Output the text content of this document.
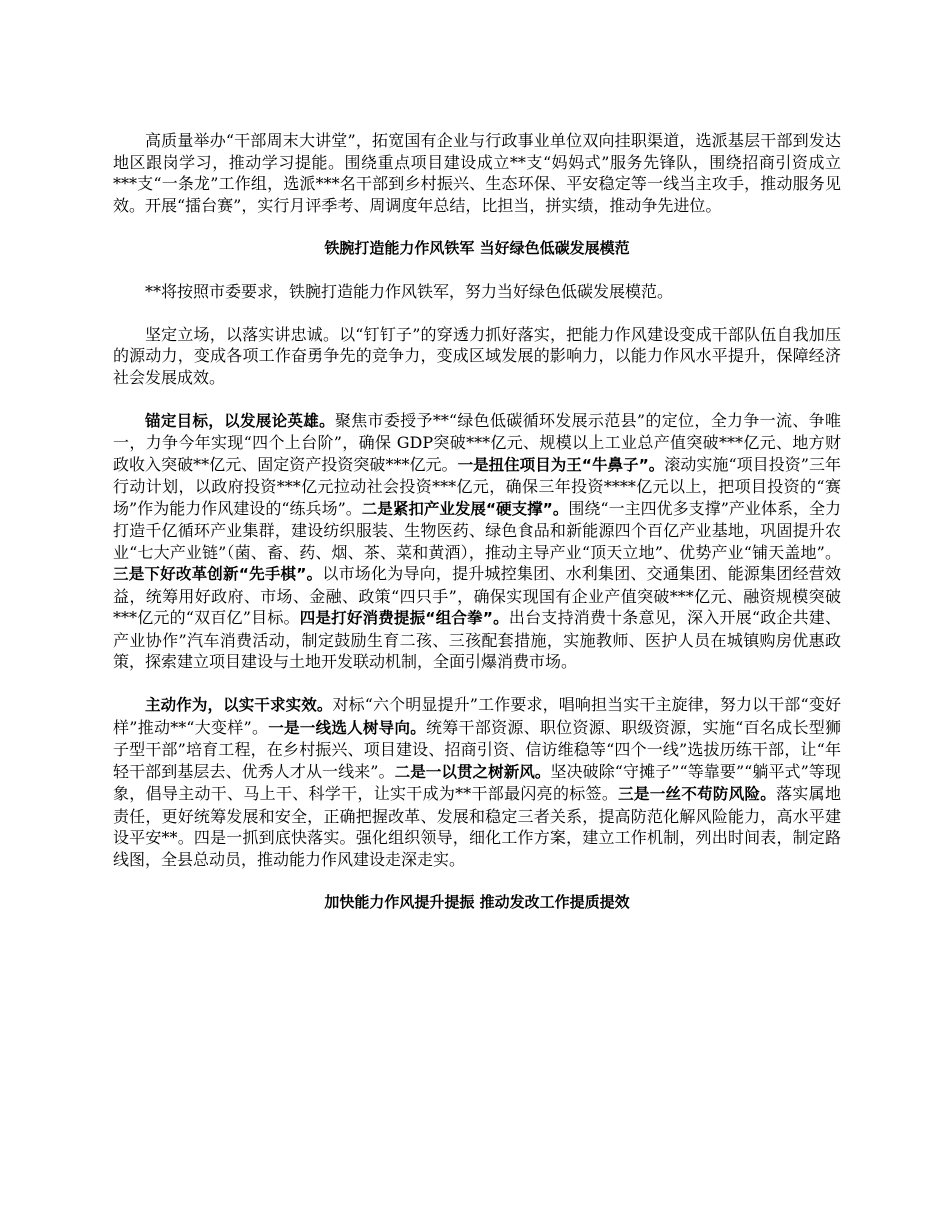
高质量举办“干部周末大讲堂”，拓宽国有企业与行政事业单位双向挂职渠道，选派基层干部到发达地区跟岗学习，推动学习提能。围绕重点项目建设成立**支“妈妈式”服务先锋队，围绕招商引资成立***支“一条龙”工作组，选派***名干部到乡村振兴、生态环保、平安稳定等一线当主攻手，推动服务见效。开展“擂台赛”，实行月评季考、周调度年总结，比担当，拼实绩，推动争先进位。

铁腕打造能力作风铁军 当好绿色低碳发展模范

**将按照市委要求，铁腕打造能力作风铁军，努力当好绿色低碳发展模范。

坚定立场，以落实讲忠诚。以“钉钉子”的穿透力抓好落实，把能力作风建设变成干部队伍自我加压的源动力，变成各项工作奋勇争先的竞争力，变成区域发展的影响力，以能力作风水平提升，保障经济社会发展成效。

锚定目标，以发展论英雄。聚焦市委授予**“绿色低碳循环发展示范县”的定位，全力争一流、争唯一，力争今年实现“四个上台阶”，确保 GDP突破***亿元、规模以上工业总产值突破***亿元、地方财政收入突破**亿元、固定资产投资突破***亿元。一是扭住项目为王“牛鼻子”。滚动实施“项目投资”三年行动计划，以政府投资***亿元拉动社会投资***亿元，确保三年投资****亿元以上，把项目投资的“赛场”作为能力作风建设的“练兵场”。二是紧扣产业发展“硬支撑”。围绕“一主四优多支撑”产业体系，全力打造千亿循环产业集群，建设纺织服装、生物医药、绿色食品和新能源四个百亿产业基地，巩固提升农业“七大产业链”（菌、畜、药、烟、茶、菜和黄酒），推动主导产业“顶天立地”、优势产业“铺天盖地”。三是下好改革创新“先手棋”。以市场化为导向，提升城控集团、水利集团、交通集团、能源集团经营效益，统筹用好政府、市场、金融、政策“四只手”，确保实现国有企业产值突破***亿元、融资规模突破***亿元的“双百亿”目标。四是打好消费提振“组合拳”。出台支持消费十条意见，深入开展“政企共建、产业协作”汽车消费活动，制定鼓励生育二孩、三孩配套措施，实施教师、医护人员在城镇购房优惠政策，探索建立项目建设与土地开发联动机制，全面引爆消费市场。

主动作为，以实干求实效。对标“六个明显提升”工作要求，唱响担当实干主旋律，努力以干部“变好样”推动**“大变样”。一是一线选人树导向。统筹干部资源、职位资源、职级资源，实施“百名成长型狮子型干部”培育工程，在乡村振兴、项目建设、招商引资、信访维稳等“四个一线”选拔历练干部，让“年轻干部到基层去、优秀人才从一线来”。二是一以贯之树新风。坚决破除“守摊子”“等靠要”“躺平式”等现象，倡导主动干、马上干、科学干，让实干成为**干部最闪亮的标签。三是一丝不苟防风险。落实属地责任，更好统筹发展和安全，正确把握改革、发展和稳定三者关系，提高防范化解风险能力，高水平建设平安**。四是一抓到底快落实。强化组织领导，细化工作方案，建立工作机制，列出时间表，制定路线图，全县总动员，推动能力作风建设走深走实。

加快能力作风提升提振 推动发改工作提质提效
